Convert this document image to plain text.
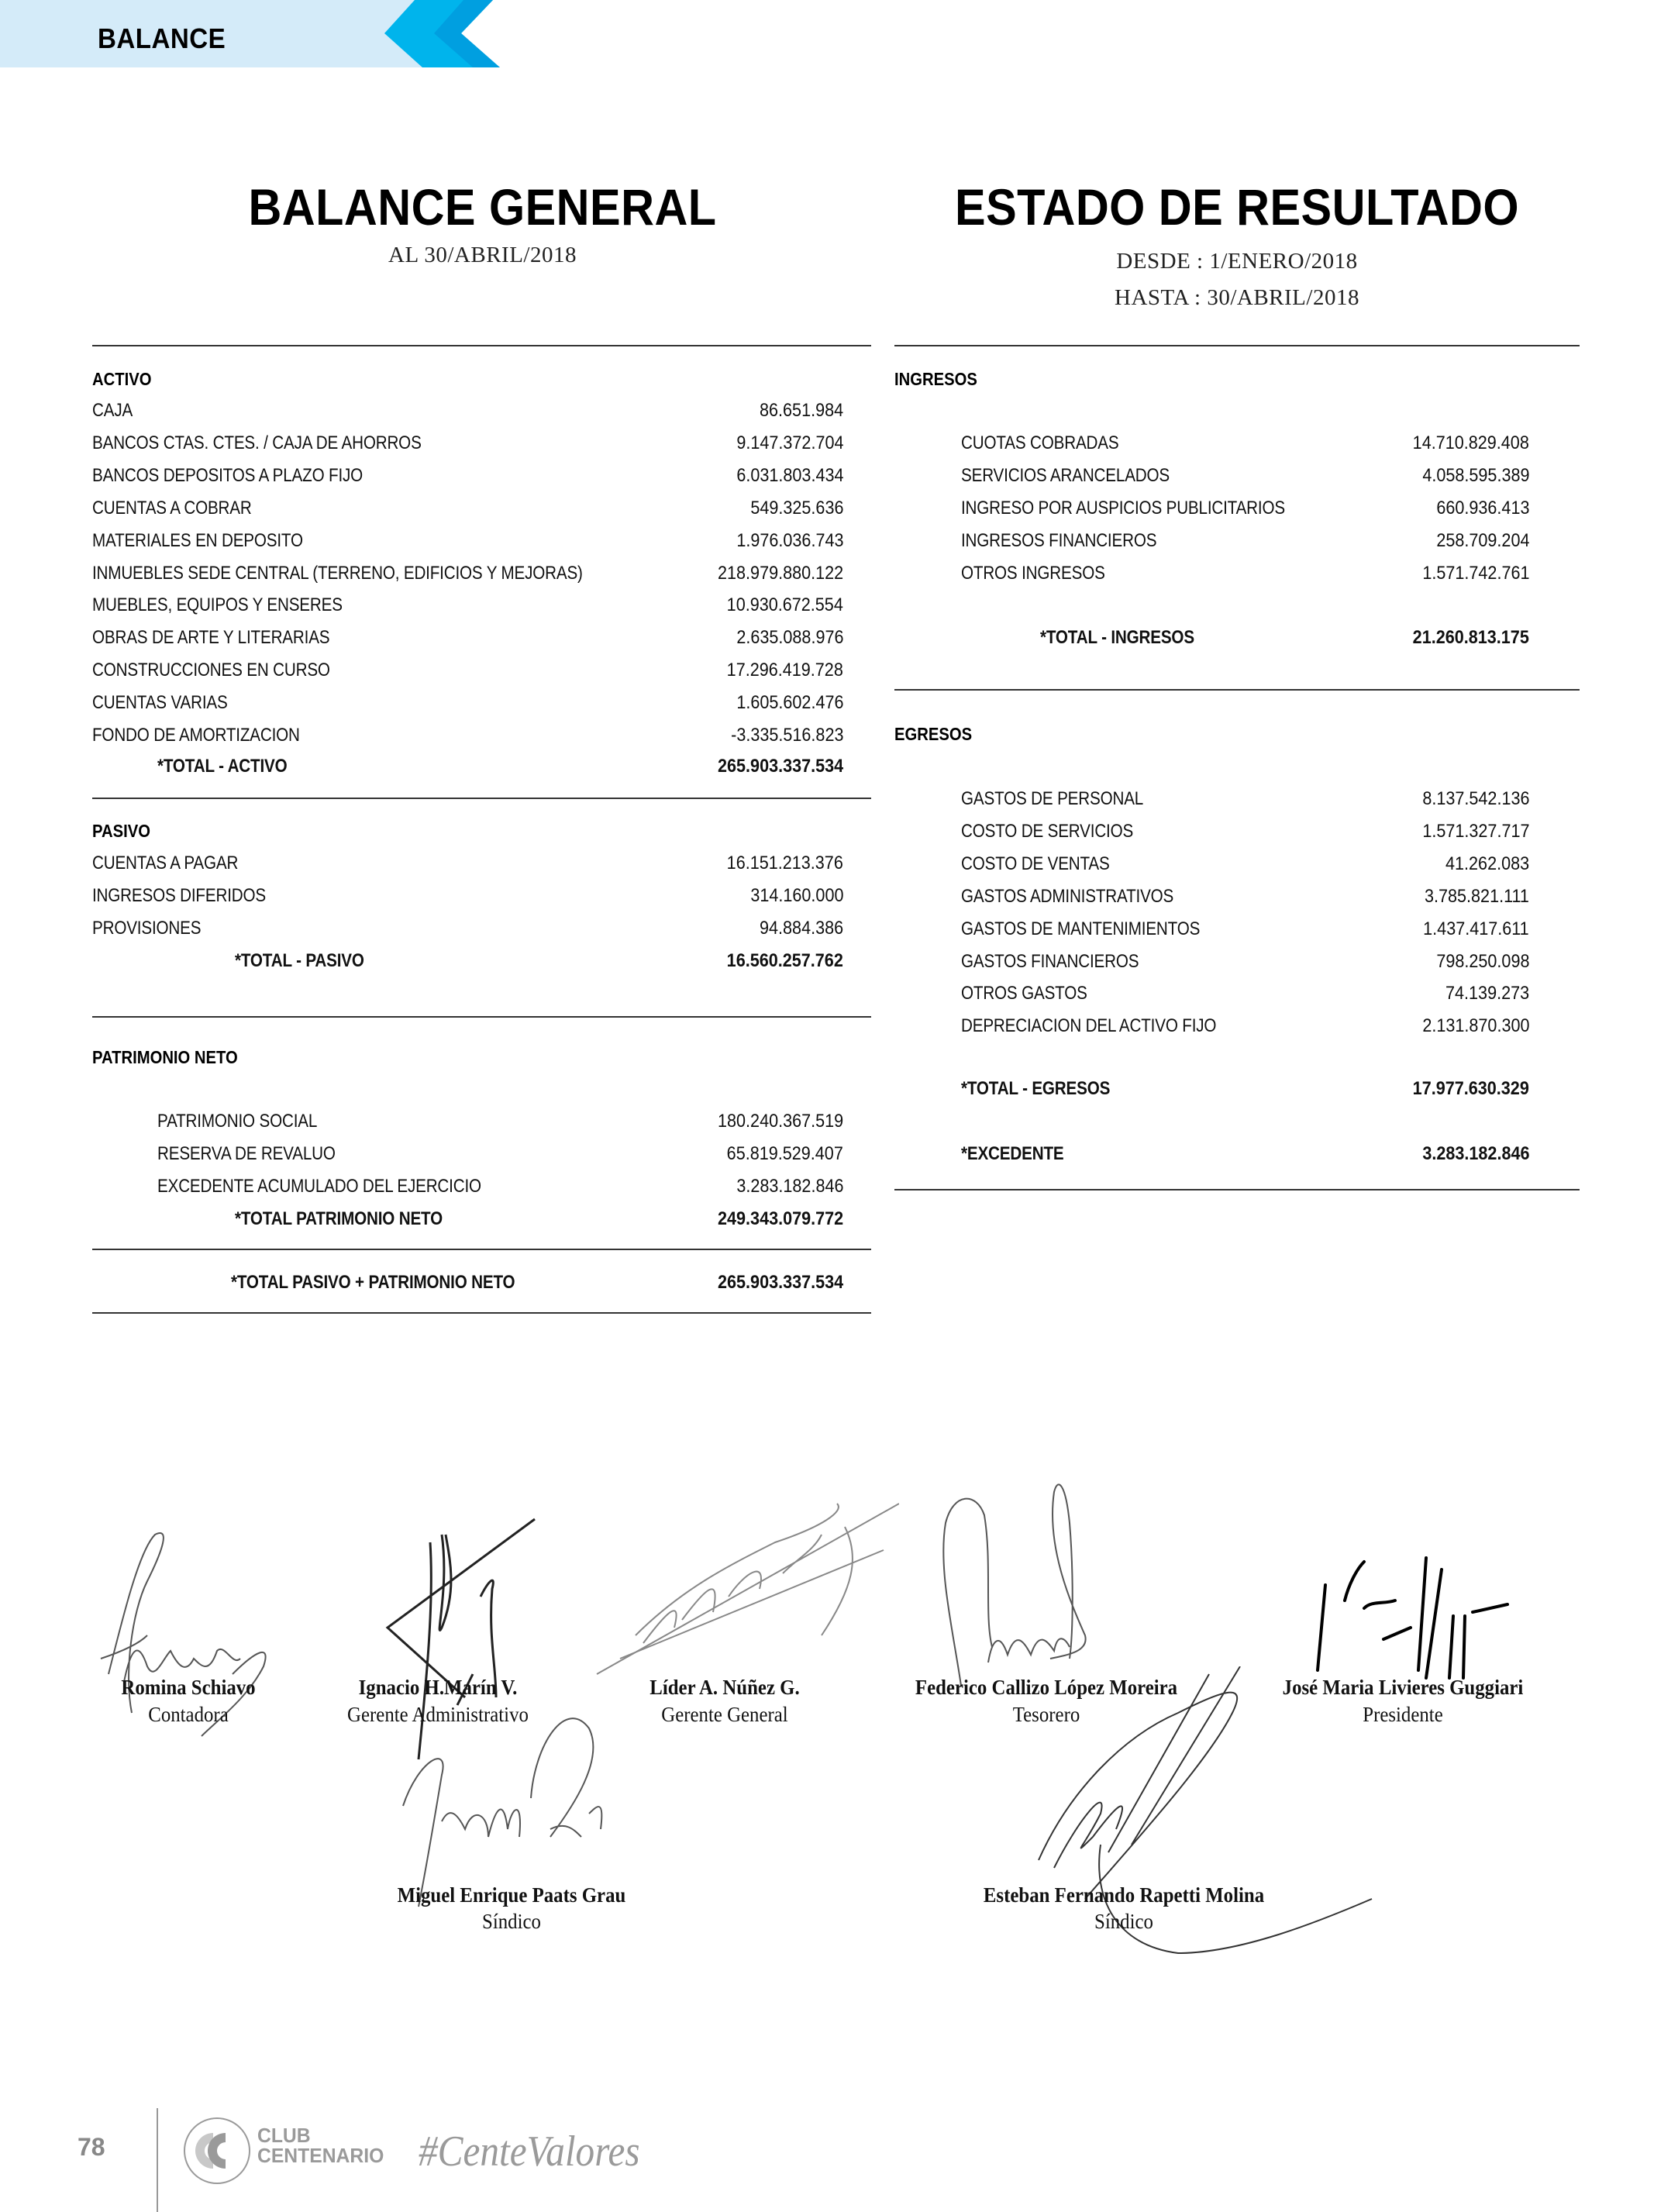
BALANCE
BALANCE GENERAL
AL 30/ABRIL/2018
ESTADO DE RESULTADO
DESDE : 1/ENERO/2018
HASTA : 30/ABRIL/2018
ACTIVO
CAJA	86.651.984
BANCOS CTAS. CTES. / CAJA DE AHORROS	9.147.372.704
BANCOS DEPOSITOS A PLAZO FIJO	6.031.803.434
CUENTAS A COBRAR	549.325.636
MATERIALES EN DEPOSITO	1.976.036.743
INMUEBLES SEDE CENTRAL (TERRENO, EDIFICIOS Y MEJORAS)	218.979.880.122
MUEBLES, EQUIPOS Y ENSERES	10.930.672.554
OBRAS DE ARTE Y LITERARIAS	2.635.088.976
CONSTRUCCIONES EN CURSO	17.296.419.728
CUENTAS VARIAS	1.605.602.476
FONDO DE AMORTIZACION	-3.335.516.823
*TOTAL - ACTIVO	265.903.337.534
PASIVO
CUENTAS A PAGAR	16.151.213.376
INGRESOS DIFERIDOS	314.160.000
PROVISIONES	94.884.386
*TOTAL - PASIVO	16.560.257.762
PATRIMONIO NETO
PATRIMONIO SOCIAL	180.240.367.519
RESERVA DE REVALUO	65.819.529.407
EXCEDENTE ACUMULADO DEL EJERCICIO	3.283.182.846
*TOTAL PATRIMONIO NETO	249.343.079.772
*TOTAL PASIVO + PATRIMONIO NETO	265.903.337.534
INGRESOS
CUOTAS COBRADAS	14.710.829.408
SERVICIOS ARANCELADOS	4.058.595.389
INGRESO POR AUSPICIOS PUBLICITARIOS	660.936.413
INGRESOS FINANCIEROS	258.709.204
OTROS INGRESOS	1.571.742.761
*TOTAL - INGRESOS	21.260.813.175
EGRESOS
GASTOS DE PERSONAL	8.137.542.136
COSTO DE SERVICIOS	1.571.327.717
COSTO DE VENTAS	41.262.083
GASTOS ADMINISTRATIVOS	3.785.821.111
GASTOS DE MANTENIMIENTOS	1.437.417.611
GASTOS FINANCIEROS	798.250.098
OTROS GASTOS	74.139.273
DEPRECIACION DEL ACTIVO FIJO	2.131.870.300
*TOTAL - EGRESOS	17.977.630.329
*EXCEDENTE	3.283.182.846
Romina Schiavo
Contadora
Ignacio H.Marín V.
Gerente Administrativo
Líder A. Núñez G.
Gerente General
Federico Callizo López Moreira
Tesorero
José Maria Livieres Guggiari
Presidente
Miguel Enrique Paats Grau
Síndico
Esteban Fernando Rapetti Molina
Síndico
78	CLUB
CENTENARIO #CenteValores
